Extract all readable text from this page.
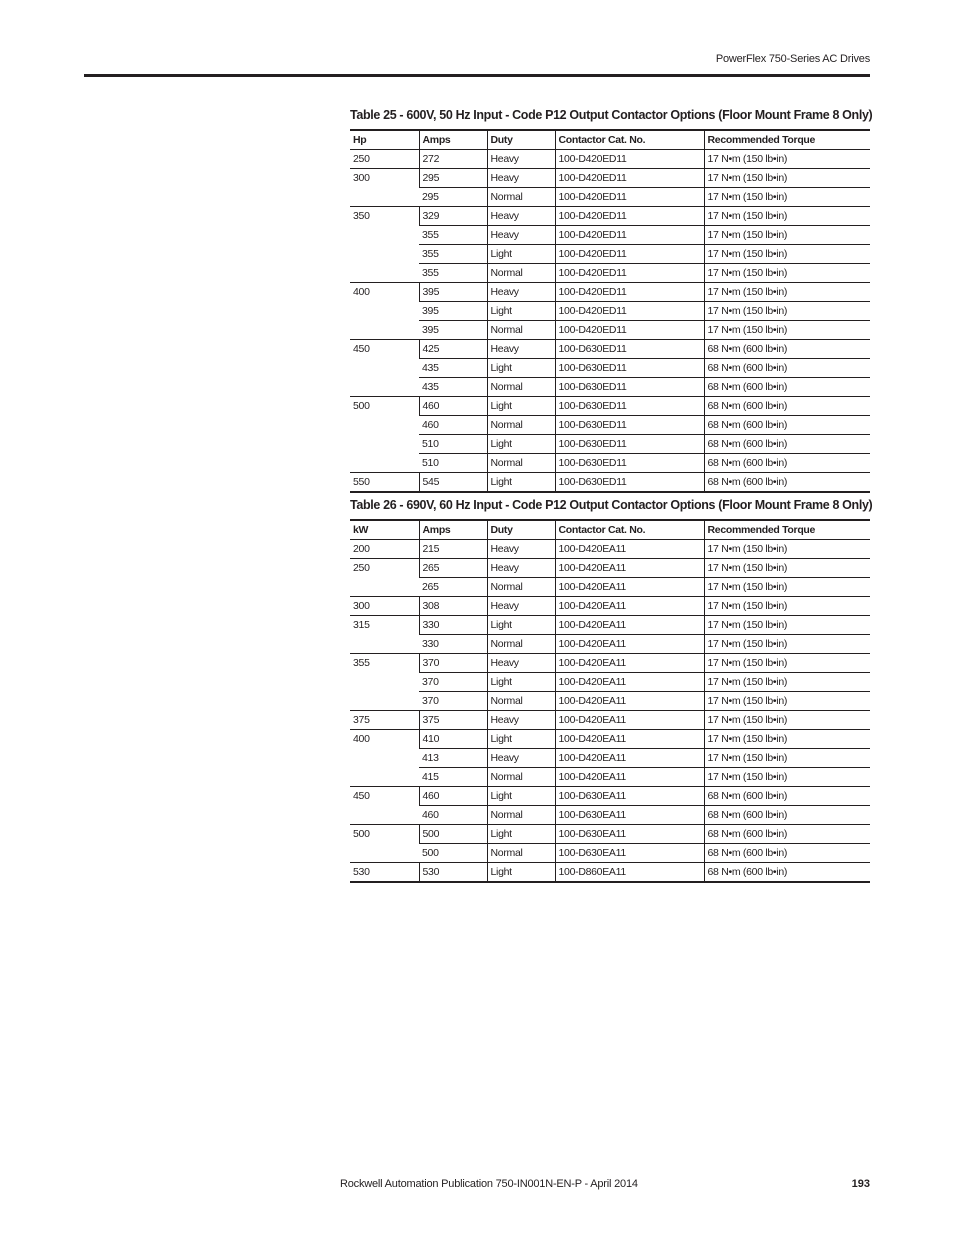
PowerFlex 750-Series AC Drives
Table 25 - 600V, 50 Hz Input - Code P12 Output Contactor Options (Floor Mount Frame 8 Only)
Hp	Amps	Duty	Contactor Cat. No.	Recommended Torque
250	272	Heavy	100-D420ED11	17 N•m (150 lb•in)
300	295	Heavy	100-D420ED11	17 N•m (150 lb•in)
	295	Normal	100-D420ED11	17 N•m (150 lb•in)
350	329	Heavy	100-D420ED11	17 N•m (150 lb•in)
	355	Heavy	100-D420ED11	17 N•m (150 lb•in)
	355	Light	100-D420ED11	17 N•m (150 lb•in)
	355	Normal	100-D420ED11	17 N•m (150 lb•in)
400	395	Heavy	100-D420ED11	17 N•m (150 lb•in)
	395	Light	100-D420ED11	17 N•m (150 lb•in)
	395	Normal	100-D420ED11	17 N•m (150 lb•in)
450	425	Heavy	100-D630ED11	68 N•m (600 lb•in)
	435	Light	100-D630ED11	68 N•m (600 lb•in)
	435	Normal	100-D630ED11	68 N•m (600 lb•in)
500	460	Light	100-D630ED11	68 N•m (600 lb•in)
	460	Normal	100-D630ED11	68 N•m (600 lb•in)
	510	Light	100-D630ED11	68 N•m (600 lb•in)
	510	Normal	100-D630ED11	68 N•m (600 lb•in)
550	545	Light	100-D630ED11	68 N•m (600 lb•in)
Table 26 - 690V, 60 Hz Input - Code P12 Output Contactor Options (Floor Mount Frame 8 Only)
kW	Amps	Duty	Contactor Cat. No.	Recommended Torque
200	215	Heavy	100-D420EA11	17 N•m (150 lb•in)
250	265	Heavy	100-D420EA11	17 N•m (150 lb•in)
	265	Normal	100-D420EA11	17 N•m (150 lb•in)
300	308	Heavy	100-D420EA11	17 N•m (150 lb•in)
315	330	Light	100-D420EA11	17 N•m (150 lb•in)
	330	Normal	100-D420EA11	17 N•m (150 lb•in)
355	370	Heavy	100-D420EA11	17 N•m (150 lb•in)
	370	Light	100-D420EA11	17 N•m (150 lb•in)
	370	Normal	100-D420EA11	17 N•m (150 lb•in)
375	375	Heavy	100-D420EA11	17 N•m (150 lb•in)
400	410	Light	100-D420EA11	17 N•m (150 lb•in)
	413	Heavy	100-D420EA11	17 N•m (150 lb•in)
	415	Normal	100-D420EA11	17 N•m (150 lb•in)
450	460	Light	100-D630EA11	68 N•m (600 lb•in)
	460	Normal	100-D630EA11	68 N•m (600 lb•in)
500	500	Light	100-D630EA11	68 N•m (600 lb•in)
	500	Normal	100-D630EA11	68 N•m (600 lb•in)
530	530	Light	100-D860EA11	68 N•m (600 lb•in)
Rockwell Automation Publication 750-IN001N-EN-P - April 2014	193
